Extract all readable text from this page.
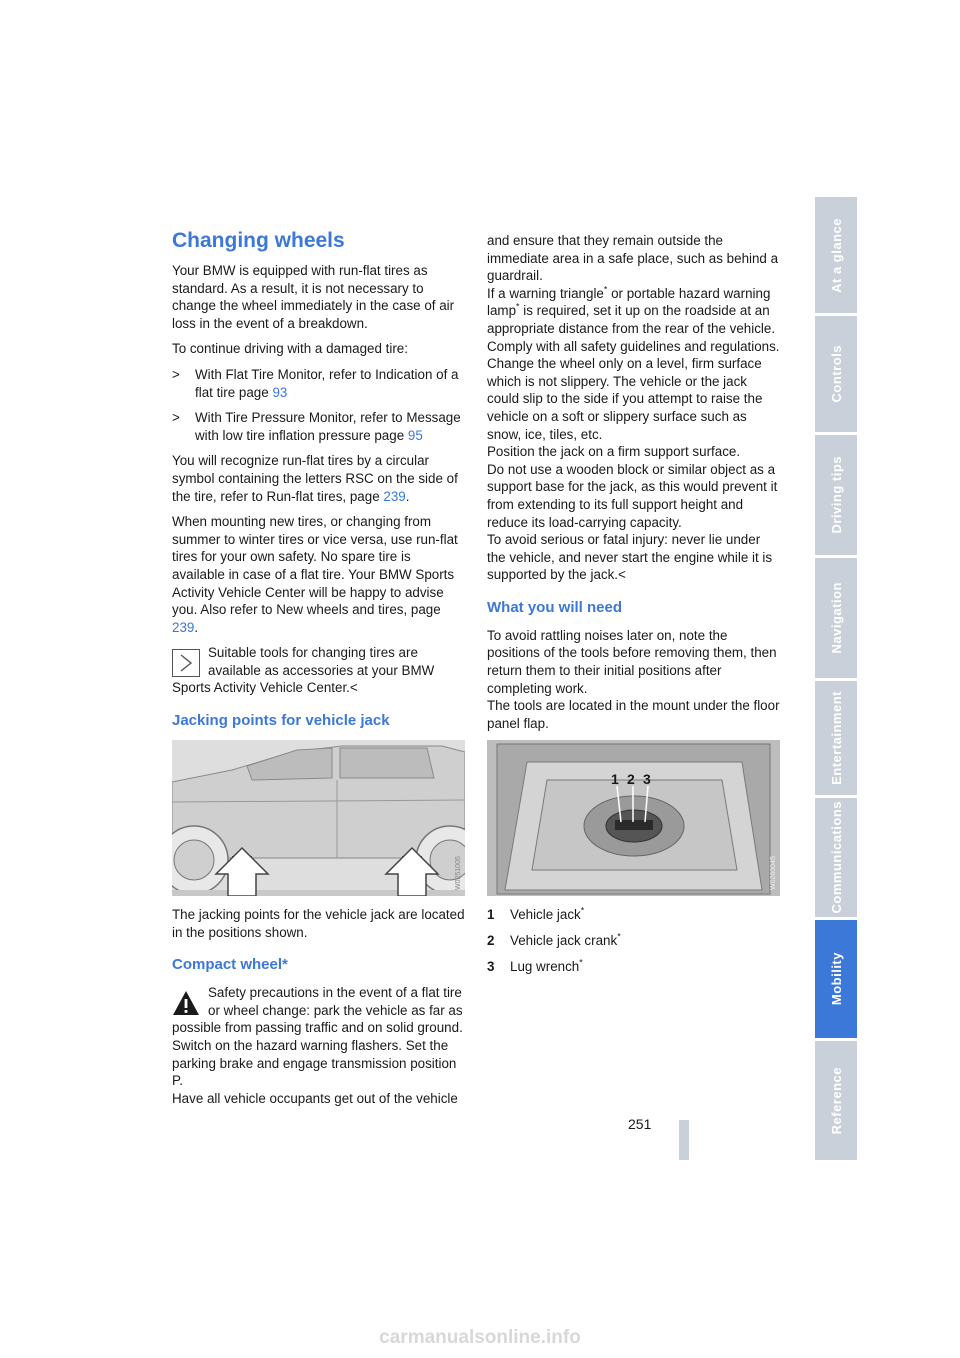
Changing wheels

Your BMW is equipped with run-flat tires as standard. As a result, it is not necessary to change the wheel immediately in the case of air loss in the event of a breakdown.

To continue driving with a damaged tire:

> With Flat Tire Monitor, refer to Indication of a flat tire page 93
> With Tire Pressure Monitor, refer to Message with low tire inflation pressure page 95

You will recognize run-flat tires by a circular symbol containing the letters RSC on the side of the tire, refer to Run-flat tires, page 239.

When mounting new tires, or changing from summer to winter tires or vice versa, use run-flat tires for your own safety. No spare tire is available in case of a flat tire. Your BMW Sports Activity Vehicle Center will be happy to advise you. Also refer to New wheels and tires, page 239.

Suitable tools for changing tires are available as accessories at your BMW Sports Activity Vehicle Center.<
Jacking points for vehicle jack
W0251005

The jacking points for the vehicle jack are located in the positions shown.

Compact wheel*
Safety precautions in the event of a flat tire or wheel change: park the vehicle as far as possible from passing traffic and on solid ground. Switch on the hazard warning flashers. Set the parking brake and engage transmission position P.
Have all vehicle occupants get out of the vehicle
and ensure that they remain outside the immediate area in a safe place, such as behind a guardrail.
If a warning triangle* or portable hazard warning lamp* is required, set it up on the roadside at an appropriate distance from the rear of the vehicle. Comply with all safety guidelines and regulations.
Change the wheel only on a level, firm surface which is not slippery. The vehicle or the jack could slip to the side if you attempt to raise the vehicle on a soft or slippery surface such as snow, ice, tiles, etc.
Position the jack on a firm support surface.
Do not use a wooden block or similar object as a support base for the jack, as this would prevent it from extending to its full support height and reduce its load-carrying capacity.

To avoid serious or fatal injury: never lie under the vehicle, and never start the engine while it is supported by the jack.<

What you will need
To avoid rattling noises later on, note the positions of the tools before removing them, then return them to their initial positions after completing work.

The tools are located in the mount under the floor panel flap.

1 2 3
W0260045
1	Vehicle jack*
2	Vehicle jack crank*
3	Lug wrench*
At a glance
Controls
Driving tips
Navigation
Entertainment
Communications
Mobility
Reference
251
carmanualsonline.info
